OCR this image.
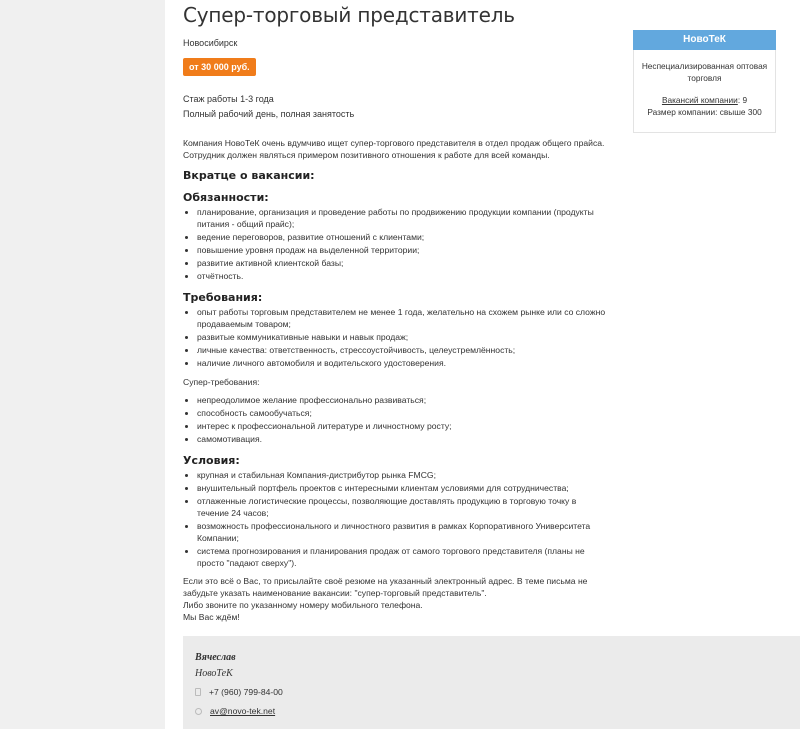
Супер-торговый представитель
Новосибирск
от 30 000 руб.
Стаж работы 1-3 года
Полный рабочий день, полная занятость
Компания НовоТеК очень вдумчиво ищет супер-торгового представителя в отдел продаж общего прайса. Сотрудник должен являться примером позитивного отношения к работе для всей команды.
Вкратце о вакансии:
Обязанности:
• планирование, организация и проведение работы по продвижению продукции компании (продукты питания - общий прайс);
• ведение переговоров, развитие отношений с клиентами;
• повышение уровня продаж на выделенной территории;
• развитие активной клиентской базы;
• отчётность.
Требования:
• опыт работы торговым представителем не менее 1 года, желательно на схожем рынке или со сложно продаваемым товаром;
• развитые коммуникативные навыки и навык продаж;
• личные качества: ответственность, стрессоустойчивость, целеустремлённость;
• наличие личного автомобиля и водительского удостоверения.
Супер-требования:
• непреодолимое желание профессионально развиваться;
• способность самообучаться;
• интерес к профессиональной литературе и личностному росту;
• самомотивация.
Условия:
• крупная и стабильная Компания-дистрибутор рынка FMCG;
• внушительный портфель проектов с интересными клиентам условиями для сотрудничества;
• отлаженные логистические процессы, позволяющие доставлять продукцию в торговую точку в течение 24 часов;
• возможность профессионального и личностного развития в рамках Корпоративного Университета Компании;
• система прогнозирования и планирования продаж от самого торгового представителя (планы не просто "падают сверху").
Если это всё о Вас, то присылайте своё резюме на указанный электронный адрес. В теме письма не
забудьте указать наименование вакансии: "супер-торговый представитель".
Либо звоните по указанному номеру мобильного телефона.
Мы Вас ждём!
Вячеслав
НовоТеК
+7 (960) 799-84-00
av@novo-tek.net
НовоТеК
Неспециализированная оптовая торговля
Вакансий компании: 9
Размер компании: свыше 300
